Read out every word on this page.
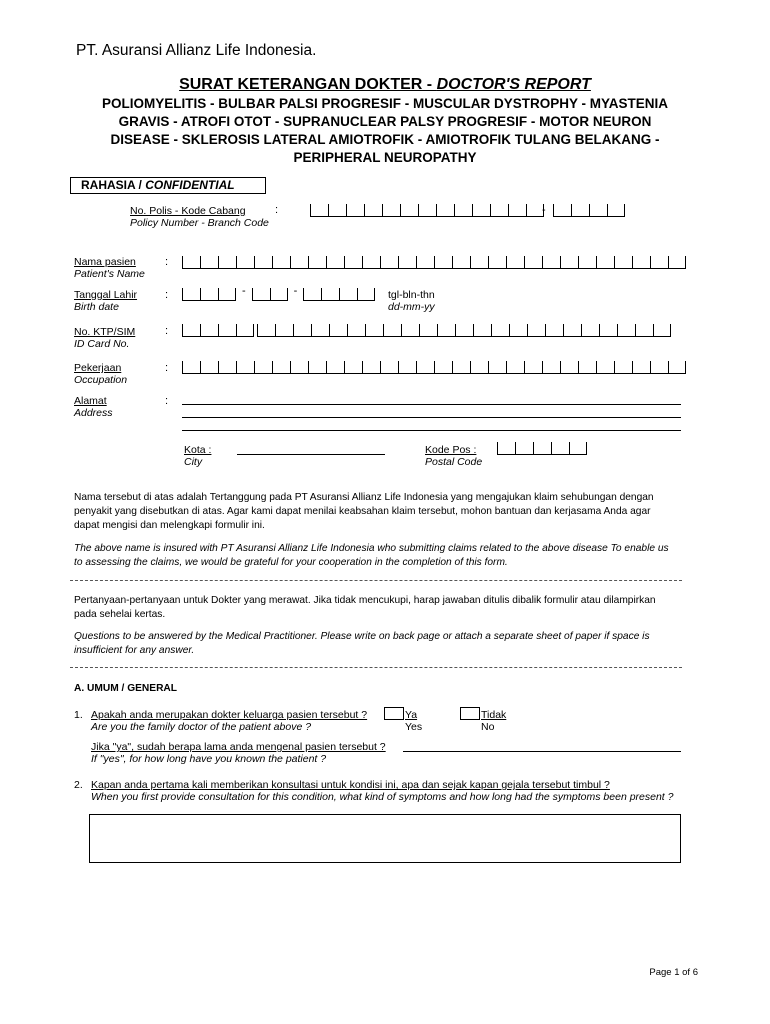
PT. Asuransi Allianz Life Indonesia.
SURAT KETERANGAN DOKTER - DOCTOR'S REPORT
POLIOMYELITIS - BULBAR PALSI PROGRESIF - MUSCULAR DYSTROPHY - MYASTENIA
GRAVIS - ATROFI OTOT - SUPRANUCLEAR PALSY PROGRESIF - MOTOR NEURON
DISEASE - SKLEROSIS LATERAL AMIOTROFIK - AMIOTROFIK TULANG BELAKANG -
PERIPHERAL NEUROPATHY
RAHASIA / CONFIDENTIAL
No. Polis - Kode Cabang
Policy Number - Branch Code
:	-
Nama pasien
Patient's Name
:
Tanggal Lahir
Birth date
:	-	-	tgl-bln-thn
dd-mm-yy
No. KTP/SIM
ID Card No.
:
Pekerjaan
Occupation
:
Alamat
Address
:
Kota :
City
Kode Pos :
Postal Code
Nama tersebut di atas adalah Tertanggung pada PT Asuransi Allianz Life Indonesia yang mengajukan klaim sehubungan dengan penyakit yang disebutkan di atas. Agar kami dapat menilai keabsahan klaim tersebut, mohon bantuan dan kerjasama Anda agar dapat mengisi dan melengkapi formulir ini.
The above name is insured with PT Asuransi Allianz Life Indonesia who submitting claims related to the above disease To enable us to assessing the claims, we would be grateful for your cooperation in the completion of this form.
Pertanyaan-pertanyaan untuk Dokter yang merawat. Jika tidak mencukupi, harap jawaban ditulis dibalik formulir atau dilampirkan pada sehelai kertas.
Questions to be answered by the Medical Practitioner. Please write on back page or attach a separate sheet of paper if space is insufficient for any answer.
A. UMUM / GENERAL
1. Apakah anda merupakan dokter keluarga pasien tersebut ?
Are you the family doctor of the patient above ?
Ya
Yes
Tidak
No
Jika "ya", sudah berapa lama anda mengenal pasien tersebut ?
If "yes", for how long have you known the patient ?
2. Kapan anda pertama kali memberikan konsultasi untuk kondisi ini, apa dan sejak kapan gejala tersebut timbul ?
When you first provide consultation for this condition, what kind of symptoms and how long had the symptoms been present ?
Page 1 of 6
